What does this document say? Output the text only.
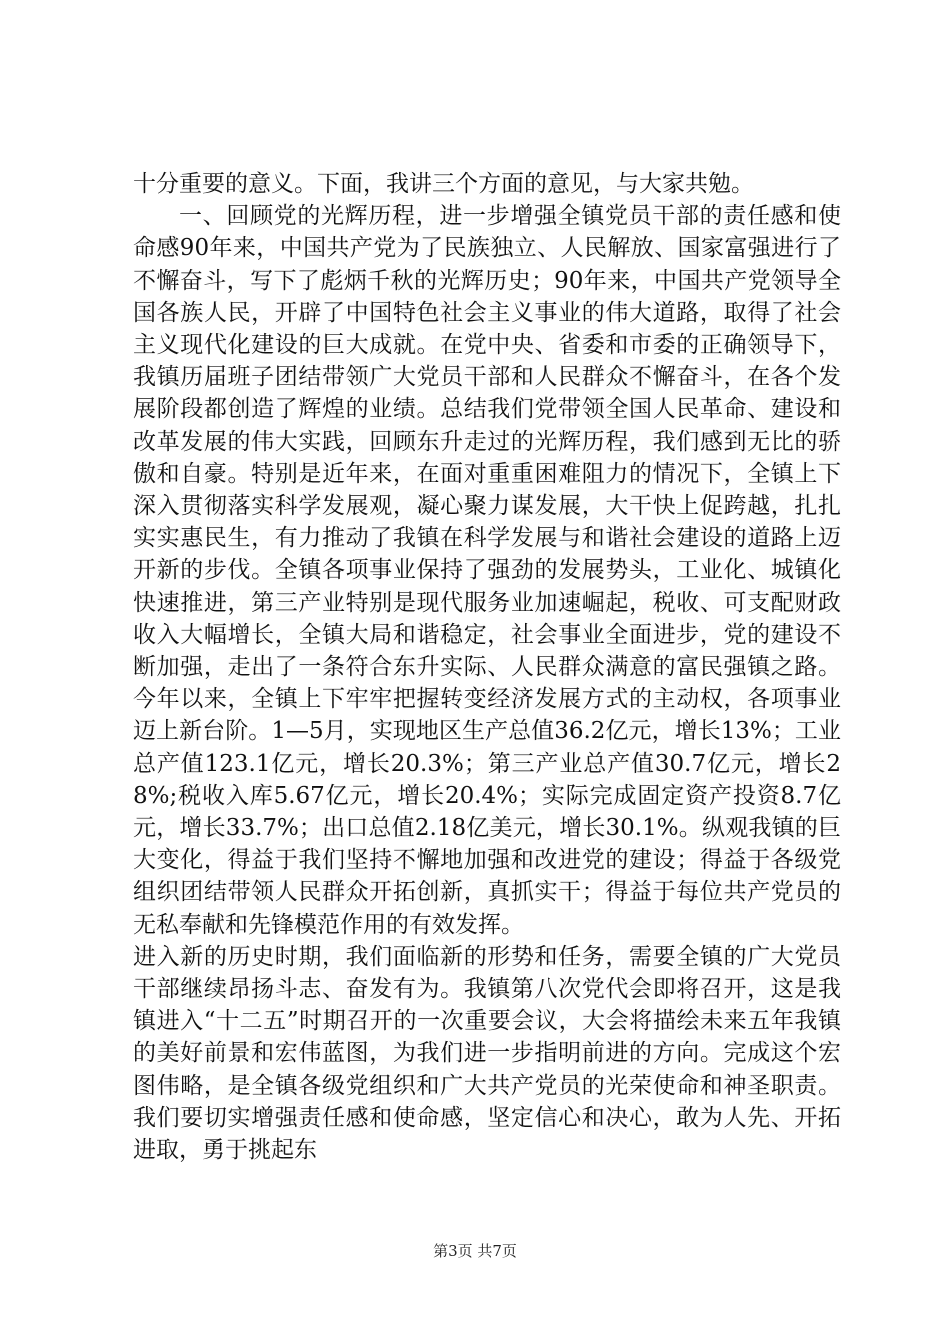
十分重要的意义。下面，我讲三个方面的意见，与大家共勉。

一、回顾党的光辉历程，进一步增强全镇党员干部的责任感和使命感90年来，中国共产党为了民族独立、人民解放、国家富强进行了不懈奋斗，写下了彪炳千秋的光辉历史；90年来，中国共产党领导全国各族人民，开辟了中国特色社会主义事业的伟大道路，取得了社会主义现代化建设的巨大成就。在党中央、省委和市委的正确领导下，我镇历届班子团结带领广大党员干部和人民群众不懈奋斗，在各个发展阶段都创造了辉煌的业绩。总结我们党带领全国人民革命、建设和改革发展的伟大实践，回顾东升走过的光辉历程，我们感到无比的骄傲和自豪。特别是近年来，在面对重重困难阻力的情况下，全镇上下深入贯彻落实科学发展观，凝心聚力谋发展，大干快上促跨越，扎扎实实惠民生，有力推动了我镇在科学发展与和谐社会建设的道路上迈开新的步伐。全镇各项事业保持了强劲的发展势头，工业化、城镇化快速推进，第三产业特别是现代服务业加速崛起，税收、可支配财政收入大幅增长，全镇大局和谐稳定，社会事业全面进步，党的建设不断加强，走出了一条符合东升实际、人民群众满意的富民强镇之路。今年以来，全镇上下牢牢把握转变经济发展方式的主动权，各项事业迈上新台阶。1—5月，实现地区生产总值36.2亿元，增长13%；工业总产值123.1亿元，增长20.3%；第三产业总产值30.7亿元，增长28%;税收入库5.67亿元，增长20.4%；实际完成固定资产投资8.7亿元，增长33.7%；出口总值2.18亿美元，增长30.1%。纵观我镇的巨大变化，得益于我们坚持不懈地加强和改进党的建设；得益于各级党组织团结带领人民群众开拓创新，真抓实干；得益于每位共产党员的无私奉献和先锋模范作用的有效发挥。

进入新的历史时期，我们面临新的形势和任务，需要全镇的广大党员干部继续昂扬斗志、奋发有为。我镇第八次党代会即将召开，这是我镇进入“十二五”时期召开的一次重要会议，大会将描绘未来五年我镇的美好前景和宏伟蓝图，为我们进一步指明前进的方向。完成这个宏图伟略，是全镇各级党组织和广大共产党员的光荣使命和神圣职责。我们要切实增强责任感和使命感，坚定信心和决心，敢为人先、开拓进取，勇于挑起东

第3页 共7页
